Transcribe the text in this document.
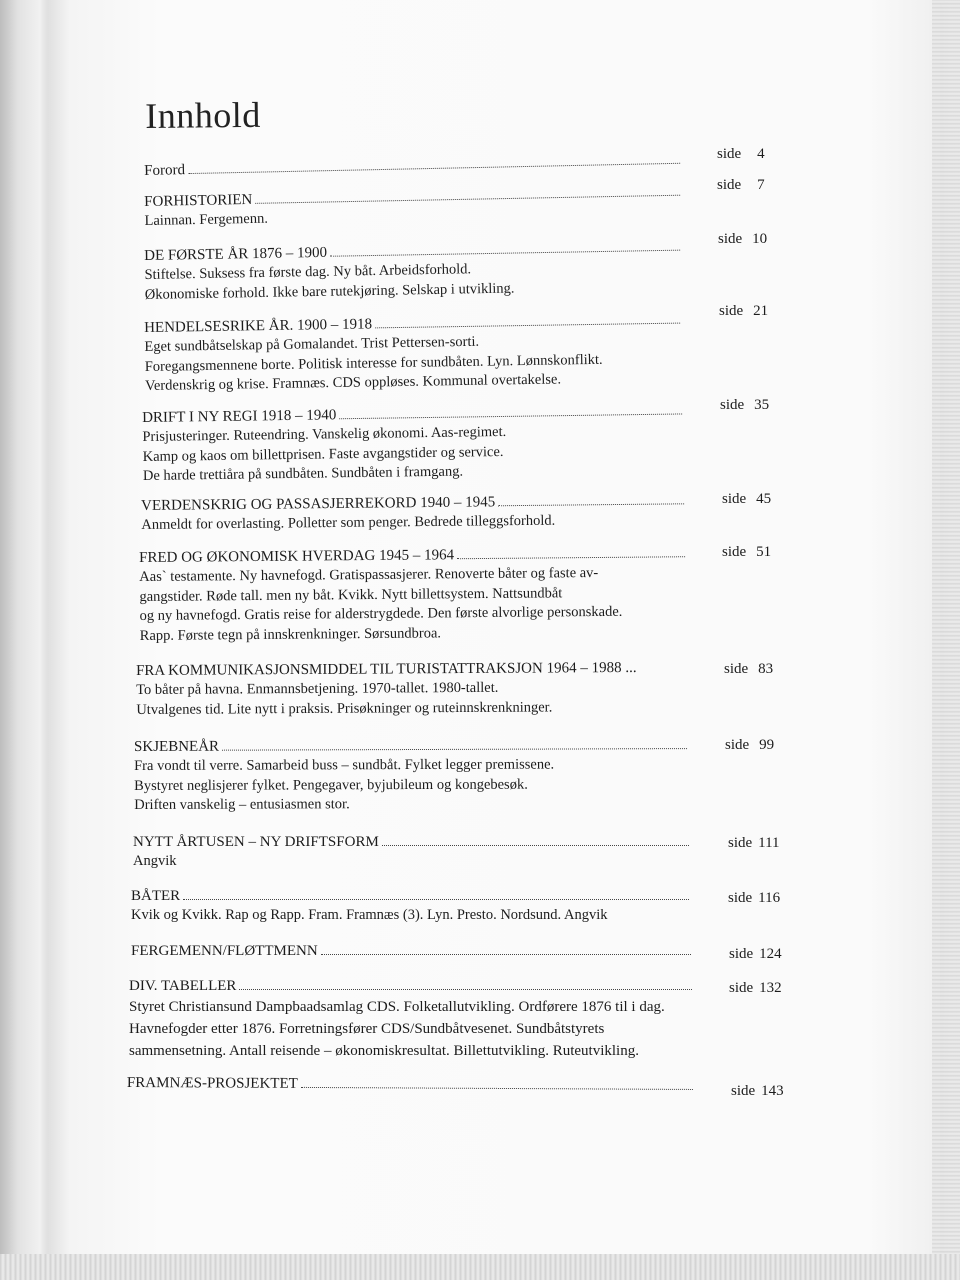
Innhold
Forord
side 4
FORHISTORIEN
Lainnan. Fergemenn.
side 7
DE FØRSTE ÅR 1876 – 1900
Stiftelse. Suksess fra første dag. Ny båt. Arbeidsforhold.
Økonomiske forhold. Ikke bare rutekjøring. Selskap i utvikling.
side 10
HENDELSESRIKE ÅR. 1900 – 1918
Eget sundbåtselskap på Gomalandet. Trist Pettersen-sorti.
Foregangsmennene borte. Politisk interesse for sundbåten. Lyn. Lønnskonflikt.
Verdenskrig og krise. Framnæs. CDS oppløses. Kommunal overtakelse.
side 21
DRIFT I NY REGI 1918 – 1940
Prisjusteringer. Ruteendring. Vanskelig økonomi. Aas-regimet.
Kamp og kaos om billettprisen. Faste avgangstider og service.
De harde trettiåra på sundbåten. Sundbåten i framgang.
side 35
VERDENSKRIG OG PASSASJERREKORD 1940 – 1945
Anmeldt for overlasting. Polletter som penger. Bedrede tilleggsforhold.
side 45
FRED OG ØKONOMISK HVERDAG 1945 – 1964
Aas` testamente. Ny havnefogd. Gratispassasjerer. Renoverte båter og faste av-
gangstider. Røde tall. men ny båt. Kvikk. Nytt billettsystem. Nattsundbåt
og ny havnefogd. Gratis reise for alderstrygdede. Den første alvorlige personskade.
Rapp. Første tegn på innskrenkninger. Sørsundbroa.
side 51
FRA KOMMUNIKASJONSMIDDEL TIL TURISTATTRAKSJON 1964 – 1988 ...
To båter på havna. Enmannsbetjening. 1970-tallet. 1980-tallet.
Utvalgenes tid. Lite nytt i praksis. Prisøkninger og ruteinnskrenkninger.
side 83
SKJEBNEÅR
Fra vondt til verre. Samarbeid buss – sundbåt. Fylket legger premissene.
Bystyret neglisjerer fylket. Pengegaver, byjubileum og kongebesøk.
Driften vanskelig – entusiasmen stor.
side 99
NYTT ÅRTUSEN – NY DRIFTSFORM
Angvik
side 111
BÅTER
Kvik og Kvikk. Rap og Rapp. Fram. Framnæs (3). Lyn. Presto. Nordsund. Angvik
side 116
FERGEMENN/FLØTTMENN	side 124
DIV. TABELLER
Styret Christiansund Dampbaadsamlag CDS. Folketallutvikling. Ordførere 1876 til i dag.
Havnefogder etter 1876. Forretningsfører CDS/Sundbåtvesenet. Sundbåtstyrets
sammensetning. Antall reisende – økonomiskresultat. Billettutvikling. Ruteutvikling.
side 132
FRAMNÆS-PROSJEKTET	side 143
